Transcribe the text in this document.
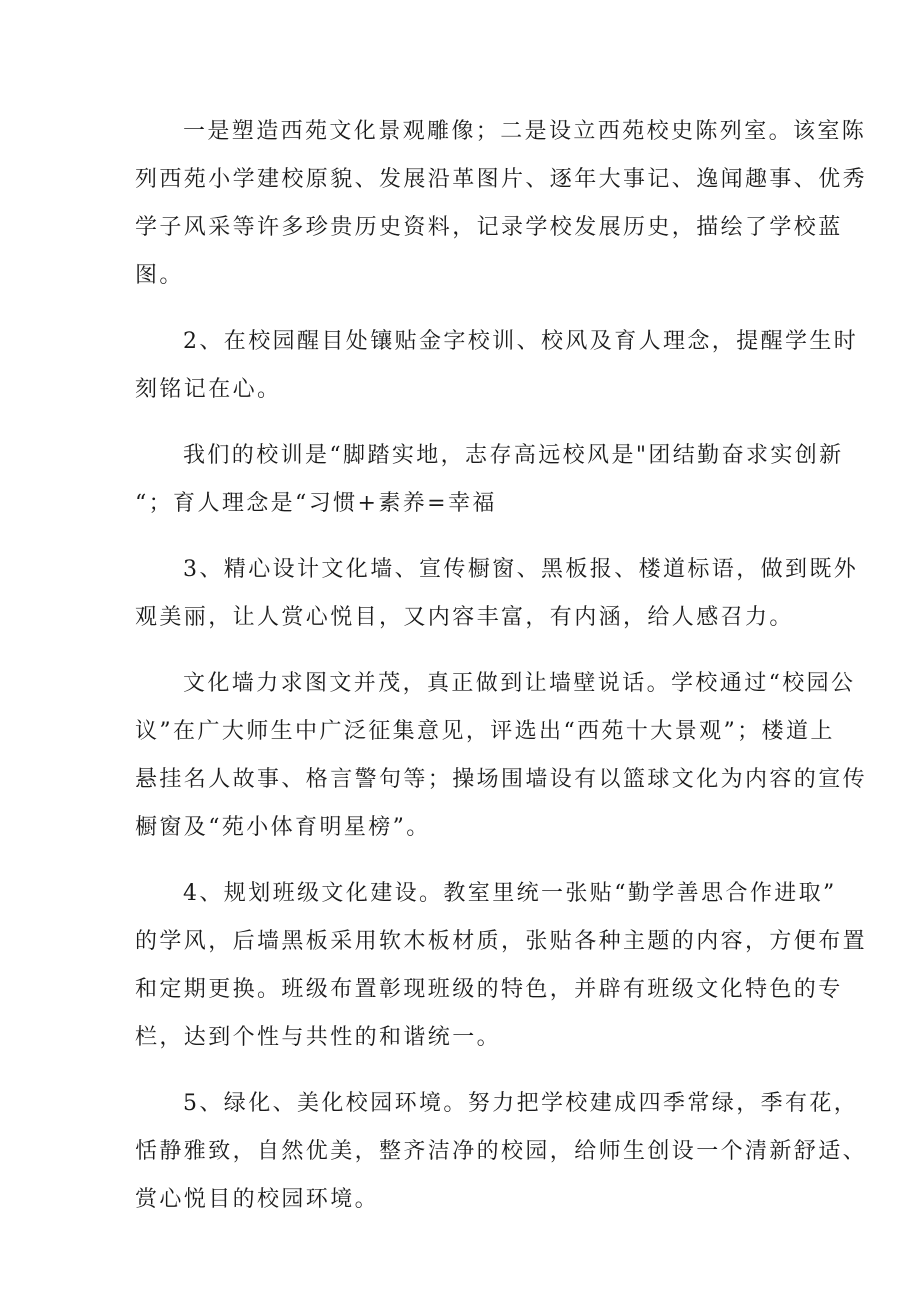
一是塑造西苑文化景观雕像；二是设立西苑校史陈列室。该室陈
列西苑小学建校原貌、发展沿革图片、逐年大事记、逸闻趣事、优秀
学子风采等许多珍贵历史资料，记录学校发展历史，描绘了学校蓝
图。
2、在校园醒目处镶贴金字校训、校风及育人理念，提醒学生时
刻铭记在心。
我们的校训是“脚踏实地，志存高远校风是"团结勤奋求实创新
“；育人理念是“习惯+素养=幸福
3、精心设计文化墙、宣传橱窗、黑板报、楼道标语，做到既外
观美丽，让人赏心悦目，又内容丰富，有内涵，给人感召力。
文化墙力求图文并茂，真正做到让墙壁说话。学校通过“校园公
议”在广大师生中广泛征集意见，评选出“西苑十大景观”；楼道上
悬挂名人故事、格言警句等；操场围墙设有以篮球文化为内容的宣传
橱窗及“苑小体育明星榜”。
4、规划班级文化建设。教室里统一张贴“勤学善思合作进取”
的学风，后墙黑板采用软木板材质，张贴各种主题的内容，方便布置
和定期更换。班级布置彰现班级的特色，并辟有班级文化特色的专
栏，达到个性与共性的和谐统一。
5、绿化、美化校园环境。努力把学校建成四季常绿，季有花，
恬静雅致，自然优美，整齐洁净的校园，给师生创设一个清新舒适、
赏心悦目的校园环境。
